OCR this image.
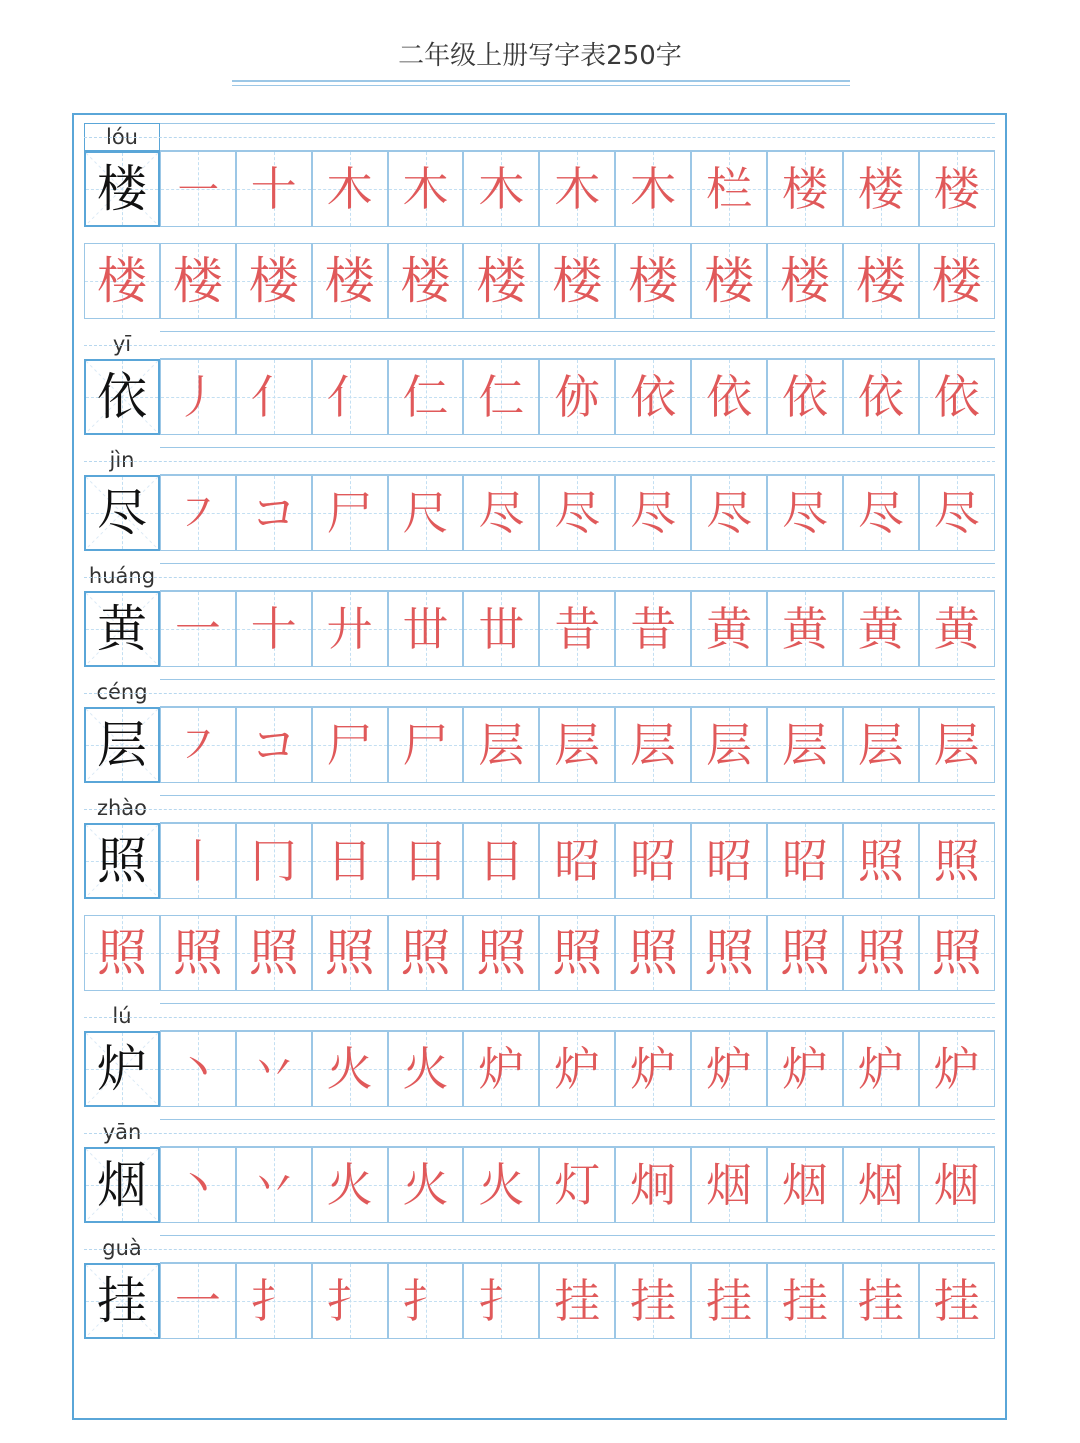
二年级上册写字表250字
lóu
楼 ㇐ 十 木 木 木 木 木 栏 楼 楼 楼
楼 楼 楼 楼 楼 楼 楼 楼 楼 楼 楼 楼
yī
依 丿 亻 亻 仁 仁 㑊 依 依 依 依 依
jìn
尽 ㇇ コ 尸 尺 尽 尽 尽 尽 尽 尽 尽
huáng
黄 一 十 廾 丗 丗 昔 昔 黄 黄 黄 黄
céng
层 ㇇ コ 尸 尸 层 层 层 层 层 层 层
zhào
照 丨 冂 日 日 日 昭 昭 昭 昭 照 照
照 照 照 照 照 照 照 照 照 照 照 照
lú
炉 丶 丷 火 火 炉 炉 炉 炉 炉 炉 炉
yān
烟 丶 丷 火 火 火 灯 炯 烟 烟 烟 烟
guà
挂 一 扌 扌 扌 扌 挂 挂 挂 挂 挂 挂
